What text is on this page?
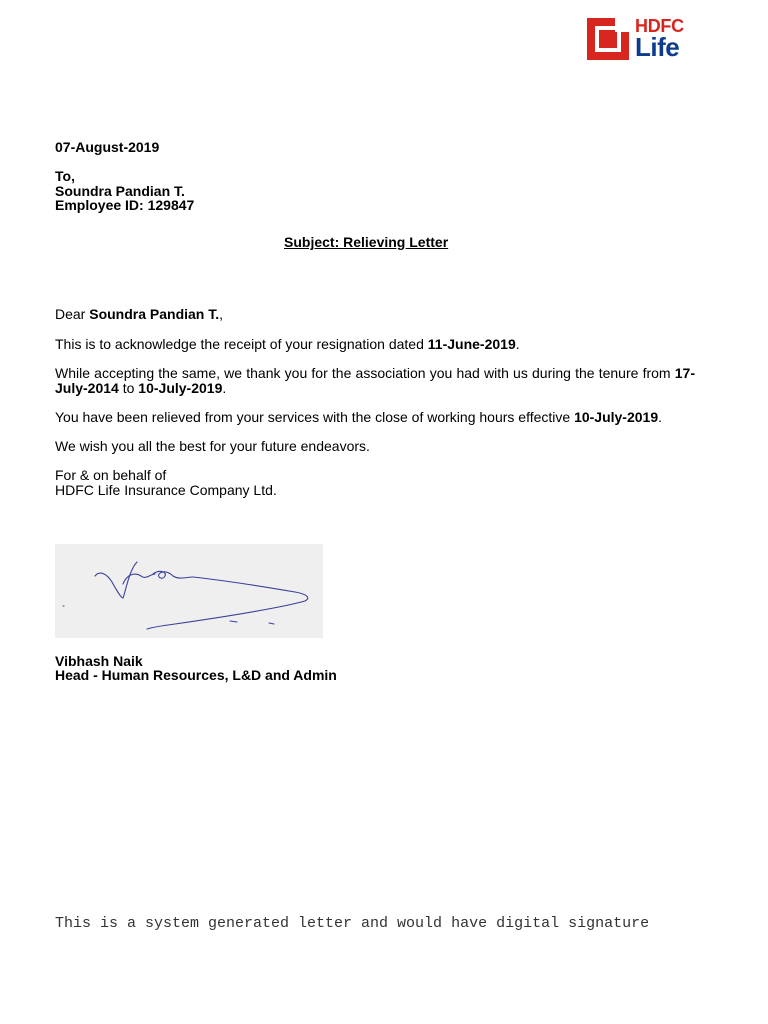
HDFC
Life
07-August-2019
To,
Soundra Pandian T.
Employee ID: 129847
Subject: Relieving Letter
Dear Soundra Pandian T.,
This is to acknowledge the receipt of your resignation dated 11-June-2019.
While accepting the same, we thank you for the association you had with us during the tenure from 17-July-2014 to 10-July-2019.
You have been relieved from your services with the close of working hours effective 10-July-2019.
We wish you all the best for your future endeavors.
For & on behalf of
HDFC Life Insurance Company Ltd.
Vibhash Naik
Head - Human Resources, L&D and Admin
This is a system generated letter and would have digital signature
